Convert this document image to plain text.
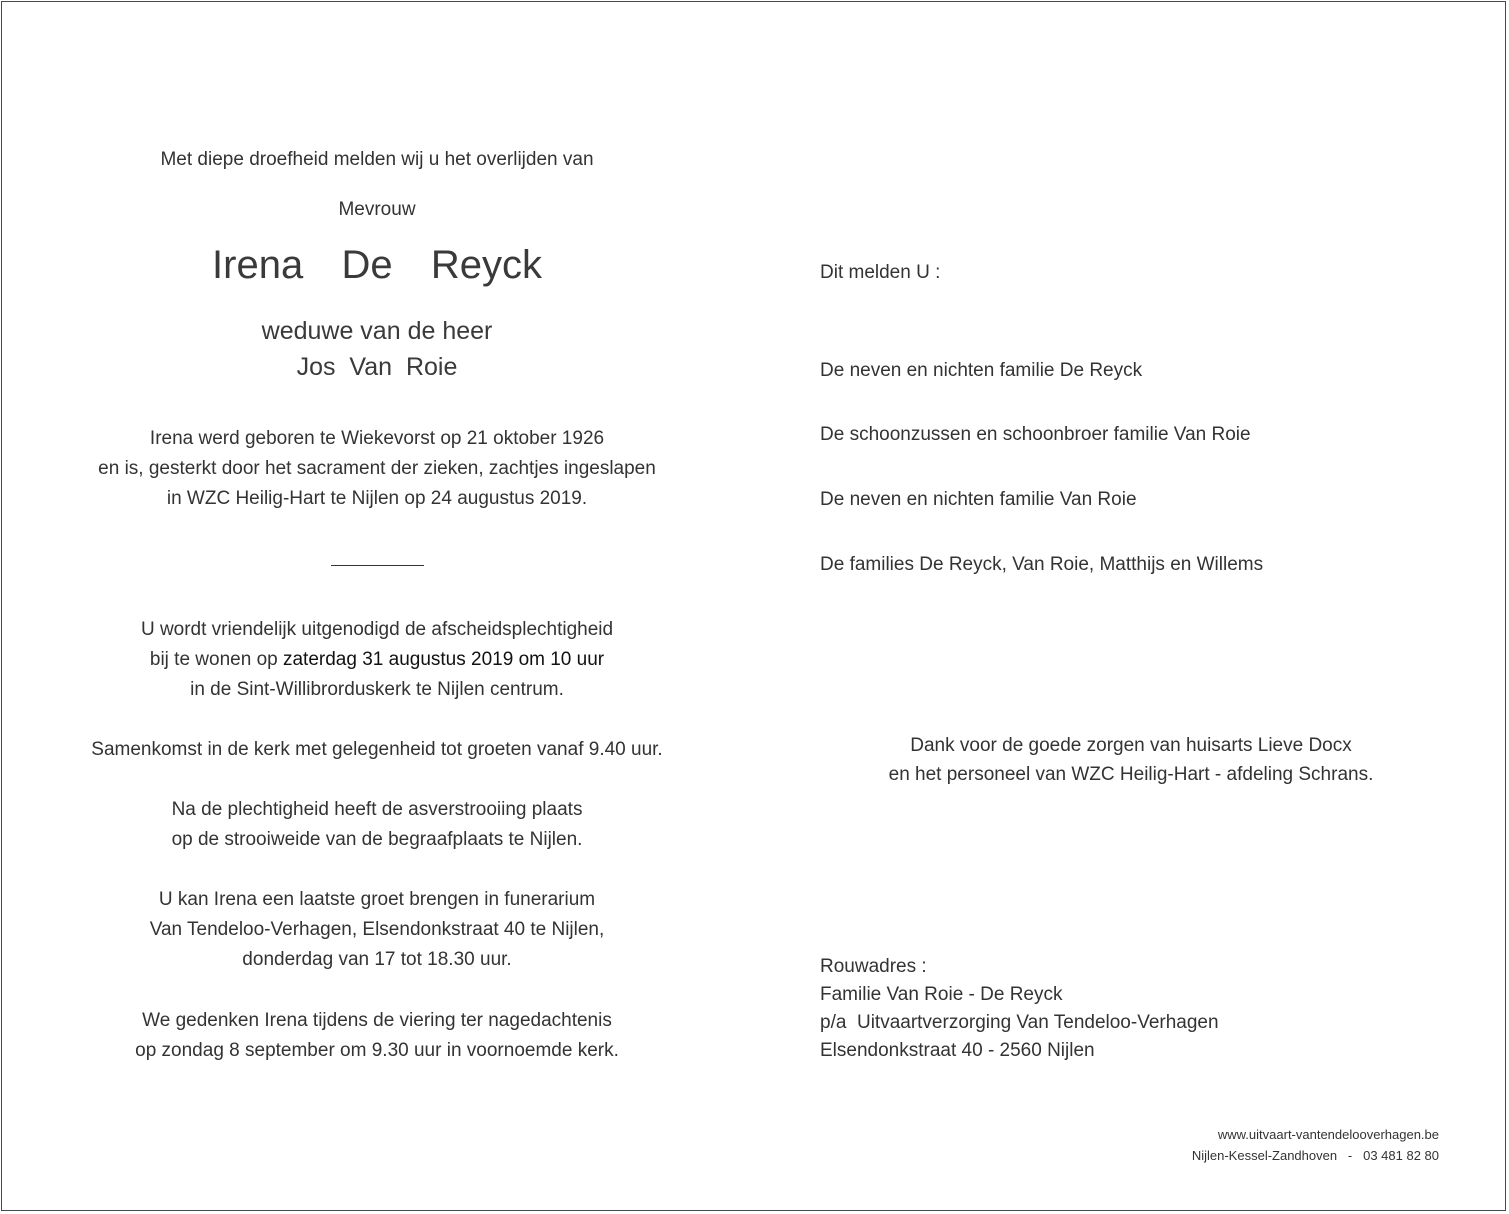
Met diepe droefheid melden wij u het overlijden van
Mevrouw
Irena  De  Reyck
weduwe van de heer
Jos  Van  Roie
Irena werd geboren te Wiekevorst op 21 oktober 1926
en is, gesterkt door het sacrament der zieken, zachtjes ingeslapen
in WZC Heilig-Hart te Nijlen op 24 augustus 2019.
U wordt vriendelijk uitgenodigd de afscheidsplechtigheid
bij te wonen op zaterdag 31 augustus 2019 om 10 uur
in de Sint-Willibrorduskerk te Nijlen centrum.
Samenkomst in de kerk met gelegenheid tot groeten vanaf 9.40 uur.
Na de plechtigheid heeft de asverstrooiing plaats
op de strooiweide van de begraafplaats te Nijlen.
U kan Irena een laatste groet brengen in funerarium
Van Tendeloo-Verhagen, Elsendonkstraat 40 te Nijlen,
donderdag van 17 tot 18.30 uur.
We gedenken Irena tijdens de viering ter nagedachtenis
op zondag 8 september om 9.30 uur in voornoemde kerk.
Dit melden U :
De neven en nichten familie De Reyck
De schoonzussen en schoonbroer familie Van Roie
De neven en nichten familie Van Roie
De families De Reyck, Van Roie, Matthijs en Willems
Dank voor de goede zorgen van huisarts Lieve Docx
en het personeel van WZC Heilig-Hart - afdeling Schrans.
Rouwadres :
Familie Van Roie - De Reyck
p/a  Uitvaartverzorging Van Tendeloo-Verhagen
Elsendonkstraat 40 - 2560 Nijlen
www.uitvaart-vantendelooverhagen.be
Nijlen-Kessel-Zandhoven   -   03 481 82 80
